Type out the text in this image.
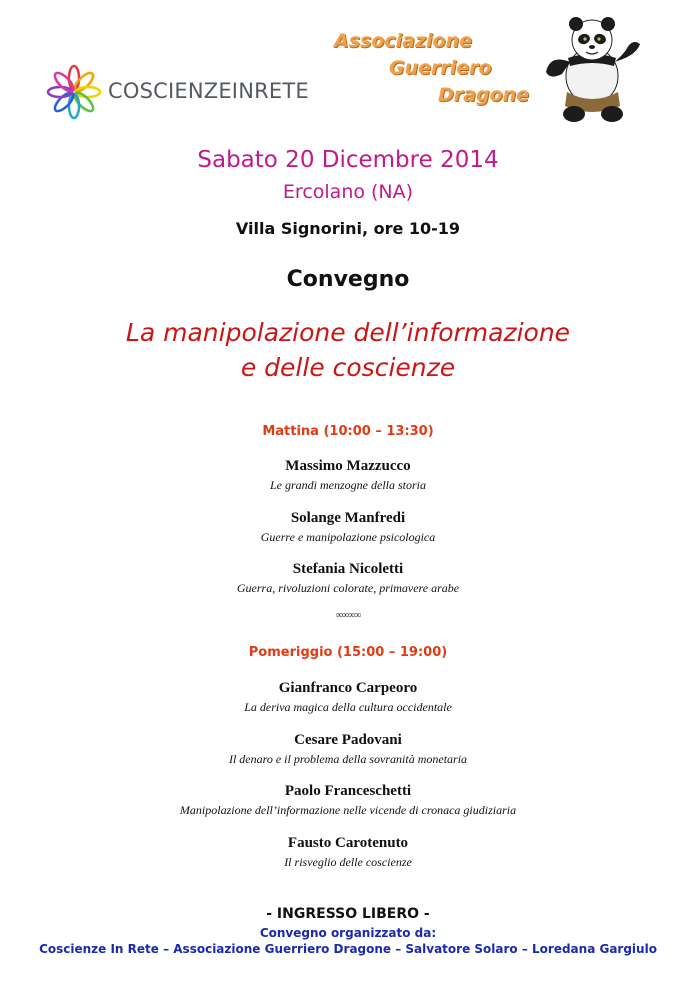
COSCIENZEINRETE
Associazione
Guerriero
Dragone
Sabato 20 Dicembre 2014
Ercolano (NA)
Villa Signorini, ore 10-19
Convegno
La manipolazione dell’informazione
e delle coscienze
Mattina (10:00 – 13:30)
Massimo Mazzucco
Le grandi menzogne della storia
Solange Manfredi
Guerre e manipolazione psicologica
Stefania Nicoletti
Guerra, rivoluzioni colorate, primavere arabe
∞∞∞∞
Pomeriggio (15:00 – 19:00)
Gianfranco Carpeoro
La deriva magica della cultura occidentale
Cesare Padovani
Il denaro e il problema della sovranità monetaria
Paolo Franceschetti
Manipolazione dell’informazione nelle vicende di cronaca giudiziaria
Fausto Carotenuto
Il risveglio delle coscienze
- INGRESSO LIBERO -
Convegno organizzato da:
Coscienze In Rete – Associazione Guerriero Dragone – Salvatore Solaro – Loredana Gargiulo
